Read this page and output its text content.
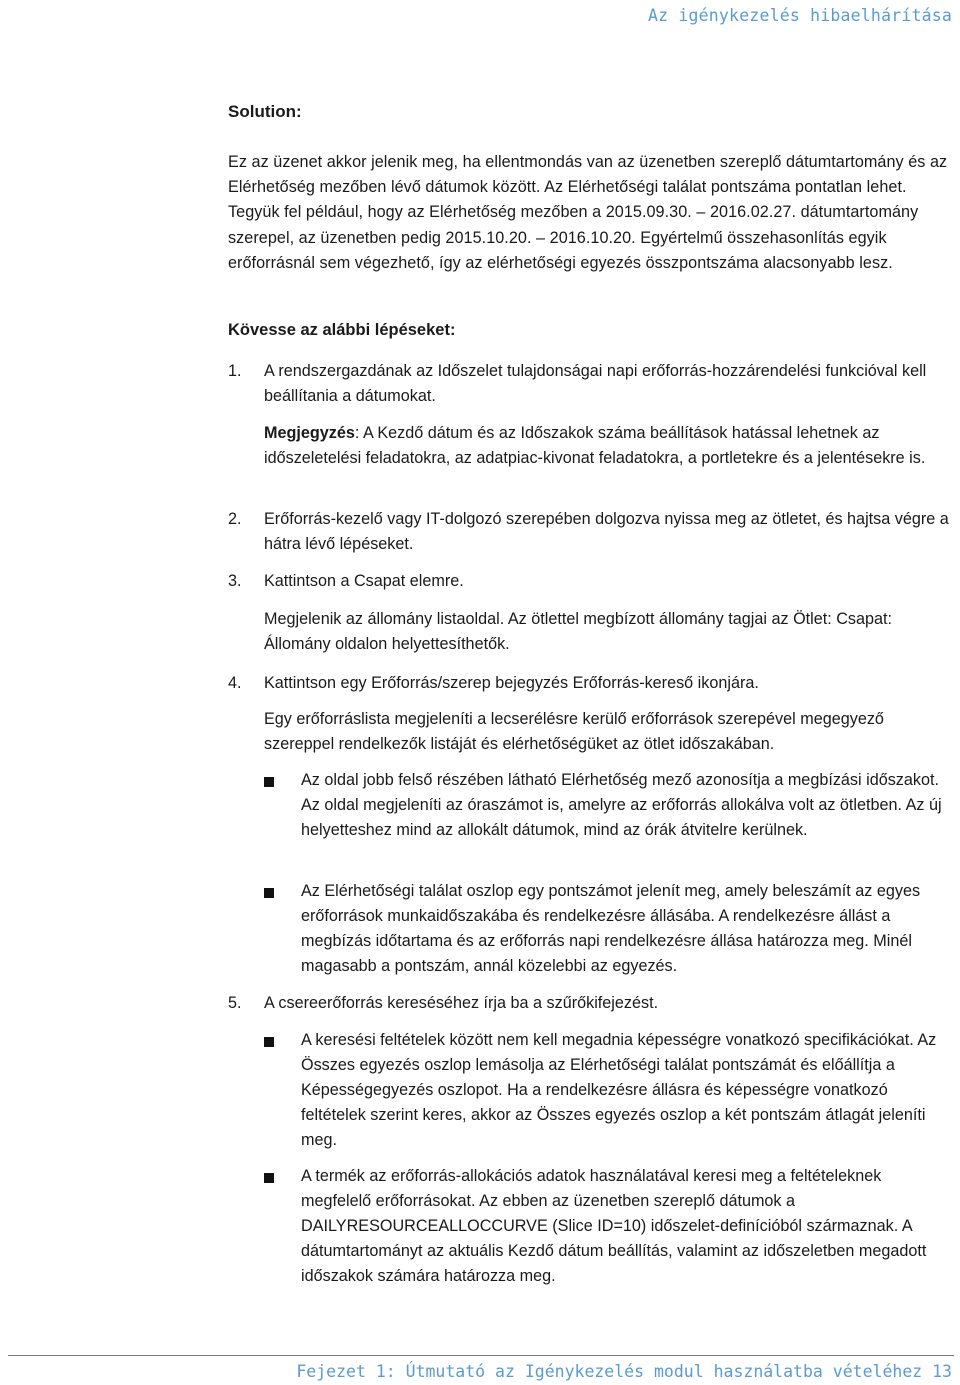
Az igénykezelés hibaelhárítása
Solution:
Ez az üzenet akkor jelenik meg, ha ellentmondás van az üzenetben szereplő dátumtartomány és az Elérhetőség mezőben lévő dátumok között. Az Elérhetőségi találat pontszáma pontatlan lehet. Tegyük fel például, hogy az Elérhetőség mezőben a 2015.09.30. – 2016.02.27. dátumtartomány szerepel, az üzenetben pedig 2015.10.20. – 2016.10.20. Egyértelmű összehasonlítás egyik erőforrásnál sem végezhető, így az elérhetőségi egyezés összpontszáma alacsonyabb lesz.
Kövesse az alábbi lépéseket:
1.	A rendszergazdának az Időszelet tulajdonságai napi erőforrás-hozzárendelési funkcióval kell beállítania a dátumokat.
Megjegyzés: A Kezdő dátum és az Időszakok száma beállítások hatással lehetnek az időszeletelési feladatokra, az adatpiac-kivonat feladatokra, a portletekre és a jelentésekre is.
2.	Erőforrás-kezelő vagy IT-dolgozó szerepében dolgozva nyissa meg az ötletet, és hajtsa végre a hátra lévő lépéseket.
3.	Kattintson a Csapat elemre.
Megjelenik az állomány listaoldal. Az ötlettel megbízott állomány tagjai az Ötlet: Csapat: Állomány oldalon helyettesíthetők.
4.	Kattintson egy Erőforrás/szerep bejegyzés Erőforrás-kereső ikonjára.
Egy erőforráslista megjeleníti a lecserélésre kerülő erőforrások szerepével megegyező szereppel rendelkezők listáját és elérhetőségüket az ötlet időszakában.
Az oldal jobb felső részében látható Elérhetőség mező azonosítja a megbízási időszakot. Az oldal megjeleníti az óraszámot is, amelyre az erőforrás allokálva volt az ötletben. Az új helyetteshez mind az allokált dátumok, mind az órák átvitelre kerülnek.
Az Elérhetőségi találat oszlop egy pontszámot jelenít meg, amely beleszámít az egyes erőforrások munkaidőszakába és rendelkezésre állásába. A rendelkezésre állást a megbízás időtartama és az erőforrás napi rendelkezésre állása határozza meg. Minél magasabb a pontszám, annál közelebbi az egyezés.
5.	A csereerőforrás kereséséhez írja ba a szűrőkifejezést.
A keresési feltételek között nem kell megadnia képességre vonatkozó specifikációkat. Az Összes egyezés oszlop lemásolja az Elérhetőségi találat pontszámát és előállítja a Képességegyezés oszlopot. Ha a rendelkezésre állásra és képességre vonatkozó feltételek szerint keres, akkor az Összes egyezés oszlop a két pontszám átlagát jeleníti meg.
A termék az erőforrás-allokációs adatok használatával keresi meg a feltételeknek megfelelő erőforrásokat. Az ebben az üzenetben szereplő dátumok a DAILYRESOURCEALLOCCURVE (Slice ID=10) időszelet-definícióból származnak. A dátumtartományt az aktuális Kezdő dátum beállítás, valamint az időszeletben megadott időszakok számára határozza meg.
Fejezet 1: Útmutató az Igénykezelés modul használatba vételéhez 13
